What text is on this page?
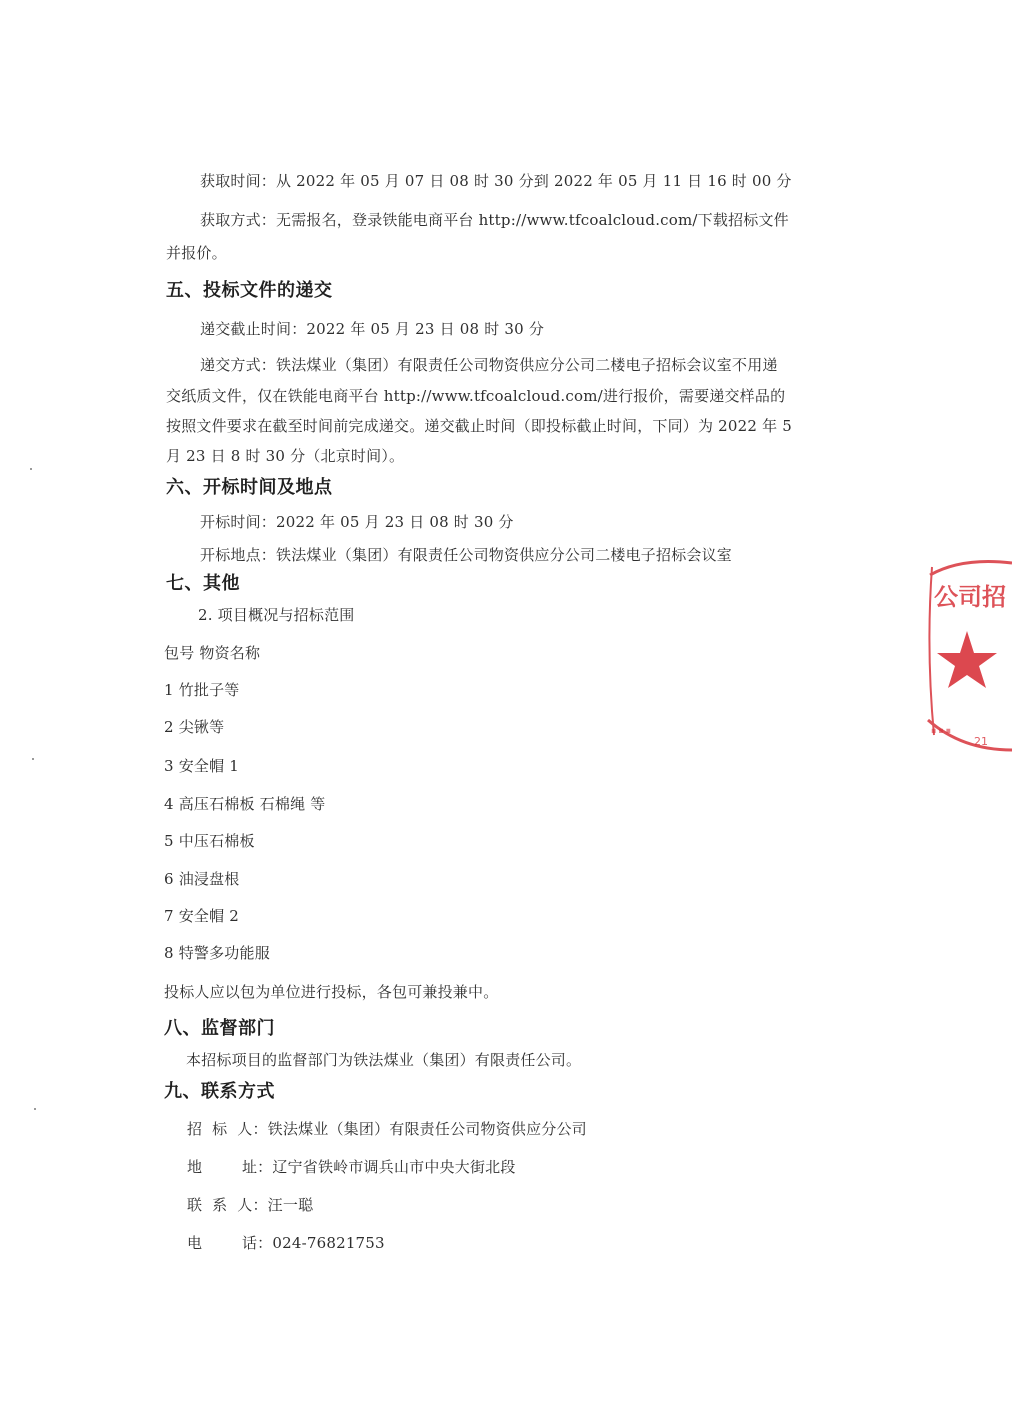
获取时间：从 2022 年 05 月 07 日 08 时 30 分到 2022 年 05 月 11 日 16 时 00 分
获取方式：无需报名，登录铁能电商平台 http://www.tfcoalcloud.com/下载招标文件
并报价。
五、投标文件的递交
递交截止时间：2022 年 05 月 23 日 08 时 30 分
递交方式：铁法煤业（集团）有限责任公司物资供应分公司二楼电子招标会议室不用递
交纸质文件，仅在铁能电商平台 http://www.tfcoalcloud.com/进行报价，需要递交样品的
按照文件要求在截至时间前完成递交。递交截止时间（即投标截止时间，下同）为 2022 年 5
月 23 日 8 时 30 分（北京时间）。
六、开标时间及地点
开标时间：2022 年 05 月 23 日 08 时 30 分
开标地点：铁法煤业（集团）有限责任公司物资供应分公司二楼电子招标会议室
七、其他
2. 项目概况与招标范围
包号 物资名称
1 竹批子等
2 尖锹等
3 安全帽 1
4 高压石棉板 石棉绳 等
5 中压石棉板
6 油浸盘根
7 安全帽 2
8 特警多功能服
投标人应以包为单位进行投标，各包可兼投兼中。
八、监督部门
本招标项目的监督部门为铁法煤业（集团）有限责任公司。
九、联系方式
招  标  人：铁法煤业（集团）有限责任公司物资供应分公司
地        址：辽宁省铁岭市调兵山市中央大街北段
联  系  人：汪一聪
电        话：024-76821753
公司招
…
21
